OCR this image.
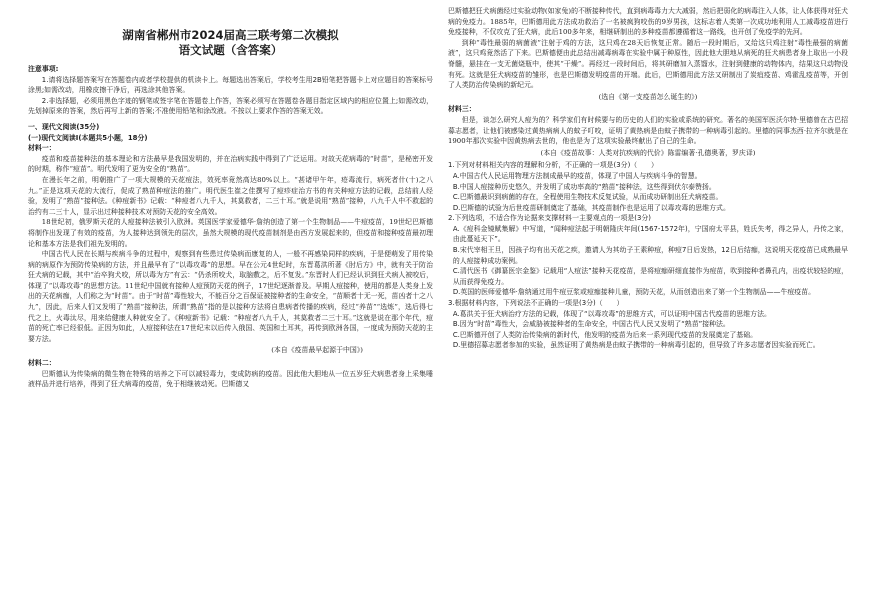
湖南省郴州市2024届高三联考第二次模拟
语文试题（含答案）
注意事项:
1.请将选择题答案写在答题卷内或者学校提供的机读卡上。每题选出答案后，学校考生用2B铅笔把答题卡上对应题目的答案标号涂黑;如需改动，用橡皮擦干净后，再选涂其他答案。
2.非选择题，必须用黑色字迹的钢笔或签字笔在答题卷上作答，答案必须写在答题卷各题目指定区域内的相应位置上;如需改动，先划掉原来的答案，然后再写上新的答案;不准使用铅笔和涂改液。不按以上要求作答的答案无效。
一、现代文阅读(35分)
(一)现代文阅读Ⅰ(本题共5小题，18分)
材料一：
疫苗和疫苗接种法的基本理论和方法最早是我国发明的，并在治病实践中得到了广泛运用。对故天花病毒的“时苗”，是秘密开发的时期，称作“痘苗”。明代发明了更为安全的“熟苗”。
在漫长年之前，明朝推广了一项大规模的天花痘法，效死率竟然高达80%以上。“甚诸甲午年，疮毒流行，病死者什(十)之八九。”正是这项天花的大流行，促成了熟苗种痘法的推广。明代医生崔之佳撰写了痘疹症治方书的有关种痘方法的记载，总结前人经验，发明了“熟苗”接种法。《种痘新书》记载：“种痘者八九千人，其莫救者，二三十耳。”就是说用“熟苗”接种，八九千人中不救起的治约有二三十人，显示出过种接种技术对预防天花的安全高效。
18世纪初，俄罗斯天花的人痘接种法被引入欧洲。英国医学家爱德华·詹纳创造了第一个生物制品——牛痘疫苗，19世纪巴斯德将制作出发现了有效的疫苗，为人接种达到领先的层次，虽然大规模的现代疫苗制剂是由西方发展起来的，但疫苗和接种疫苗最初理论和基本方法是我们祖先发明的。
中国古代人民在长期与疾病斗争的过程中，观察到有些患过传染病而康复的人，一般不再感染同样的疾病，于是便萌发了用传染病的病原作为预防传染病的方法，并且最早有了“以毒攻毒”的思想。早在公元4世纪时，东晋葛洪所著《肘后方》中，就有关于防治狂犬病的记载，其中“治卒狗犬咬，所以毒为方”有云：“仍杀所咬犬，取脑敷之，后不复发。”东晋时人们已经认识到狂犬病人被咬后，体现了“以毒攻毒”的思想方法。11世纪中国就有接种人痘预防天花的例子，17世纪逐渐普及。早期人痘接种，使用的都是人类身上发出的天花病痂，人们称之为“时苗”。由于“时苗”毒性较大，不能百分之百保证被接种者的生命安全，“苗顺者十无一死，苗凶者十之八九”，因此，后来人们又发明了“熟苗”接种法，所谓“熟苗”指的是以接种方法将自患病者传播的疾病，经过“养苗”“选炼”，选后得七代之上，火毒汰尽，用来给健康人种就安全了。《种痘新书》记载：“种痘者八九千人，其莫救者二三十耳。”这就是说在那个年代，痘苗的死亡率已经很低。正因为如此，人痘接种法在17世纪末以后传入俄国、英国和土耳其，再传到欧洲各国，一度成为预防天花的主要方法。
(本自《疫苗最早起源于中国》)
材料二：
巴斯德认为传染病的微生物在特殊的培养之下可以减轻毒力，变成防病的疫苗。因此他大胆地从一位五岁狂犬病患者身上采集唾液样品并进行培养，得到了狂犬病毒的疫苗，免于相继被动死。巴斯德又
巴斯德把狂犬病菌经过实验动物(如家兔)的不断接种传代，直到病毒毒力大大减弱，然后把弱化的病毒注入人体，让人体获得对狂犬病的免疫力。1885年，巴斯德用此方法成功救治了一名被疯狗咬伤的9岁男孩，这标志着人类第一次成功地利用人工减毒疫苗进行免疫接种，不仅攻克了狂犬病，此后100多年来，相继研制出的多种疫苗都遵循着这一路线，也开创了免疫学的先河。
到种“毒性最弱的病菌液”注射于鸡的方法，这只鸡在28天后恢复正常。随后一段时期后，又给这只鸡注射“毒性最强的病菌液”，这只鸡竟然活了下来。巴斯德便由此总结出减毒病毒在实验中属于种原性，因此他大胆地从病死的狂犬病患者身上取出一小段脊髓，悬挂在一支无菌烧瓶中，使其“干燥”。再经过一段时间后，将其研磨加入蒸馏水，注射到健康的动物体内，结果这只动物没有死。这就是狂犬病疫苗的雏形，也是巴斯德发明疫苗的开端。此后，巴斯德用此方法又研制出了炭疽疫苗、鸡霍乱疫苗等，开创了人类防治传染病的新纪元。
(选自《第一支疫苗怎么诞生的》)
材料三：
但是，谈怎么研究人痘为的？科学家们有时候要与的历史的人们的实验或系统的研究。著名的美国军医沃尔特·里德曾在古巴招募志愿者，让他们被感染过黄热病病人的蚊子叮咬，证明了黄热病是由蚊子携带的一种病毒引起的。里德的同事杰西·拉齐尔就是在1900年那次实验中因黄热病去世的，他也是为了这项实验最终献出了自己的生命。
(本自《疫苗故事：人类对抗疾病的代价》陈雷编著·孔德奥著，罗庆译)
1.下列对材料相关内容的理解和分析，不正确的一项是(3分)（　　）
A.中国古代人民运用物理方法制成最早的疫苗，体现了中国人与疾病斗争的智慧。
B.中国人痘接种历史悠久，并发明了成功率高的“熟苗”接种法，这些得到伏尔泰赞扬。
C.巴斯德最识到病菌的存在，全程使用生物技术反复试验，从而成功研制出狂犬病疫苗。
D.巴斯德的试验为后世疫苗研制奠定了基础，其疫苗制作也是运用了以毒攻毒的思维方式。
2.下列选项，不适合作为论据来支撑材料一主要观点的一项是(3分)
A.《痘科金镜赋集解》中写道，“闻种痘法起于明朝隆庆年间(1567-1572年)，宁国府太平县，姓氏失考，得之异人，丹传之家，由此蔓延天下”。
B.宋代宰相王旦，因孩子均有出天花之疾，邀请人为其幼子王素种痘，种痘7日后发热，12日后结痂，这说明天花疫苗已成熟最早的人痘接种成功案例。
C.清代医书《御纂医宗金鉴》记载用“人痘法”接种天花疫苗，是将痘痂研细直接作为痘苗，吹到接种者鼻孔内，出疫状较轻的痘，从而获得免疫力。
D.英国的医师爱德华·詹纳通过用牛痘豆浆或痘痂接种儿童，预防天花，从而创造出来了第一个生物制品——牛痘疫苗。
3.根据材料内容，下列说法不正确的一项是(3分)（　　）
A.葛洪关于狂犬病治疗方法的记载，体现了“以毒攻毒”的思维方式，可以证明中国古代疫苗的思维方法。
B.因为“时苗”毒性大，会威胁被接种者的生命安全，中国古代人民又发明了“熟苗”接种法。
C.巴斯德开创了人类防治传染病的新时代，他发明的疫苗为后来一系列现代疫苗的发展奠定了基础。
D.里德招募志愿者参加的实验，虽然证明了黄热病是由蚊子携带的一种病毒引起的，但导致了许多志愿者因实验而死亡。
